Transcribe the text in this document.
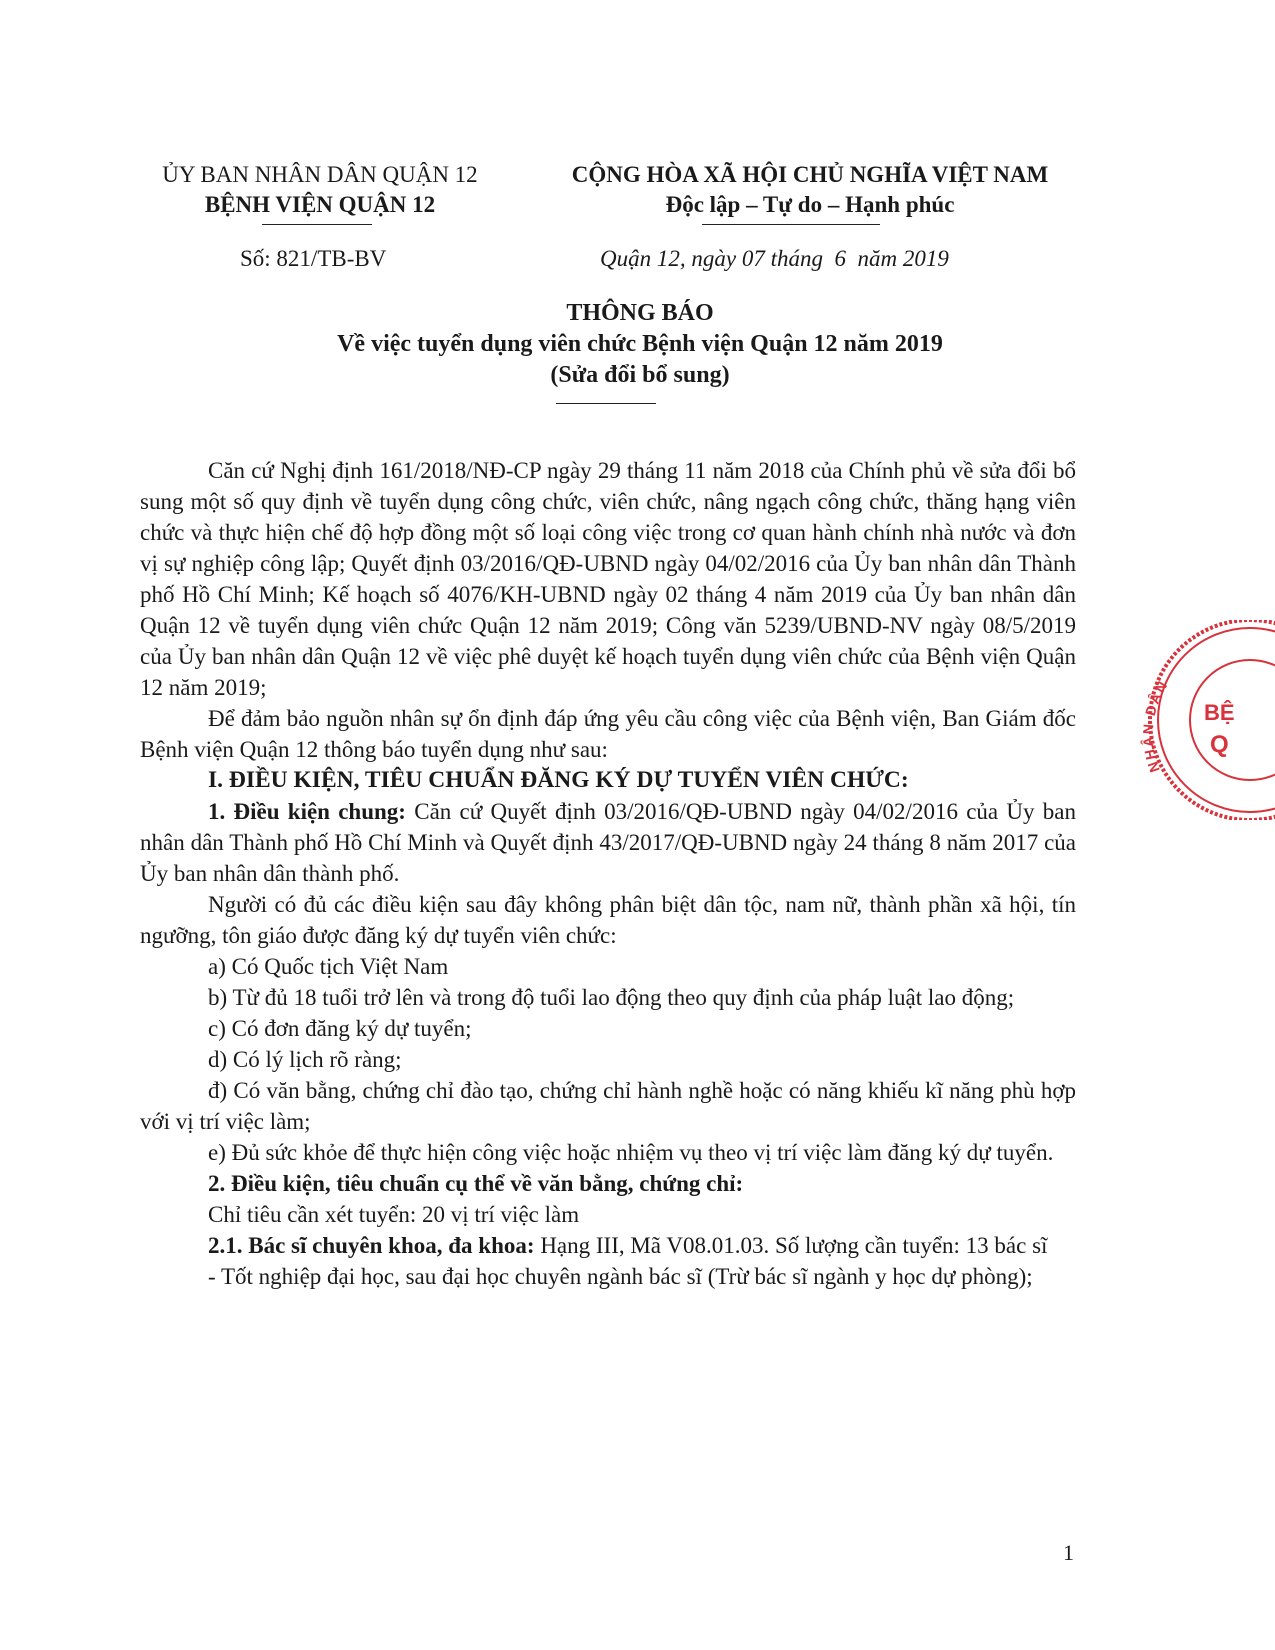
ỦY BAN NHÂN DÂN QUẬN 12
BỆNH VIỆN QUẬN 12
CỘNG HÒA XÃ HỘI CHỦ NGHĨA VIỆT NAM
Độc lập – Tự do – Hạnh phúc
Số: 821/TB-BV	Quận 12, ngày 07 tháng  6  năm 2019
THÔNG BÁO
Về việc tuyển dụng viên chức Bệnh viện Quận 12 năm 2019
(Sửa đổi bổ sung)

Căn cứ Nghị định 161/2018/NĐ-CP ngày 29 tháng 11 năm 2018 của Chính phủ về sửa đổi bổ sung một số quy định về tuyển dụng công chức, viên chức, nâng ngạch công chức, thăng hạng viên chức và thực hiện chế độ hợp đồng một số loại công việc trong cơ quan hành chính nhà nước và đơn vị sự nghiệp công lập; Quyết định 03/2016/QĐ-UBND ngày 04/02/2016 của Ủy ban nhân dân Thành phố Hồ Chí Minh; Kế hoạch số 4076/KH-UBND ngày 02 tháng 4 năm 2019 của Ủy ban nhân dân Quận 12 về tuyển dụng viên chức Quận 12 năm 2019; Công văn 5239/UBND-NV ngày 08/5/2019 của Ủy ban nhân dân Quận 12 về việc phê duyệt kế hoạch tuyển dụng viên chức của Bệnh viện Quận 12 năm 2019;

Để đảm bảo nguồn nhân sự ổn định đáp ứng yêu cầu công việc của Bệnh viện, Ban Giám đốc Bệnh viện Quận 12 thông báo tuyển dụng như sau:

I. ĐIỀU KIỆN, TIÊU CHUẨN ĐĂNG KÝ DỰ TUYỂN VIÊN CHỨC:

1. Điều kiện chung: Căn cứ Quyết định 03/2016/QĐ-UBND ngày 04/02/2016 của Ủy ban nhân dân Thành phố Hồ Chí Minh và Quyết định 43/2017/QĐ-UBND ngày 24 tháng 8 năm 2017 của Ủy ban nhân dân thành phố.

Người có đủ các điều kiện sau đây không phân biệt dân tộc, nam nữ, thành phần xã hội, tín ngưỡng, tôn giáo được đăng ký dự tuyển viên chức:

a) Có Quốc tịch Việt Nam

b) Từ đủ 18 tuổi trở lên và trong độ tuổi lao động theo quy định của pháp luật lao động;

c) Có đơn đăng ký dự tuyển;

d) Có lý lịch rõ ràng;

đ) Có văn bằng, chứng chỉ đào tạo, chứng chỉ hành nghề hoặc có năng khiếu kĩ năng phù hợp với vị trí việc làm;

e) Đủ sức khỏe để thực hiện công việc hoặc nhiệm vụ theo vị trí việc làm đăng ký dự tuyển.

2. Điều kiện, tiêu chuẩn cụ thể về văn bằng, chứng chỉ:

Chỉ tiêu cần xét tuyển: 20 vị trí việc làm

2.1. Bác sĩ chuyên khoa, đa khoa: Hạng III, Mã V08.01.03. Số lượng cần tuyển: 13 bác sĩ

- Tốt nghiệp đại học, sau đại học chuyên ngành bác sĩ (Trừ bác sĩ ngành y học dự phòng);

1
NHÂN DÂN
BỆ
Q
